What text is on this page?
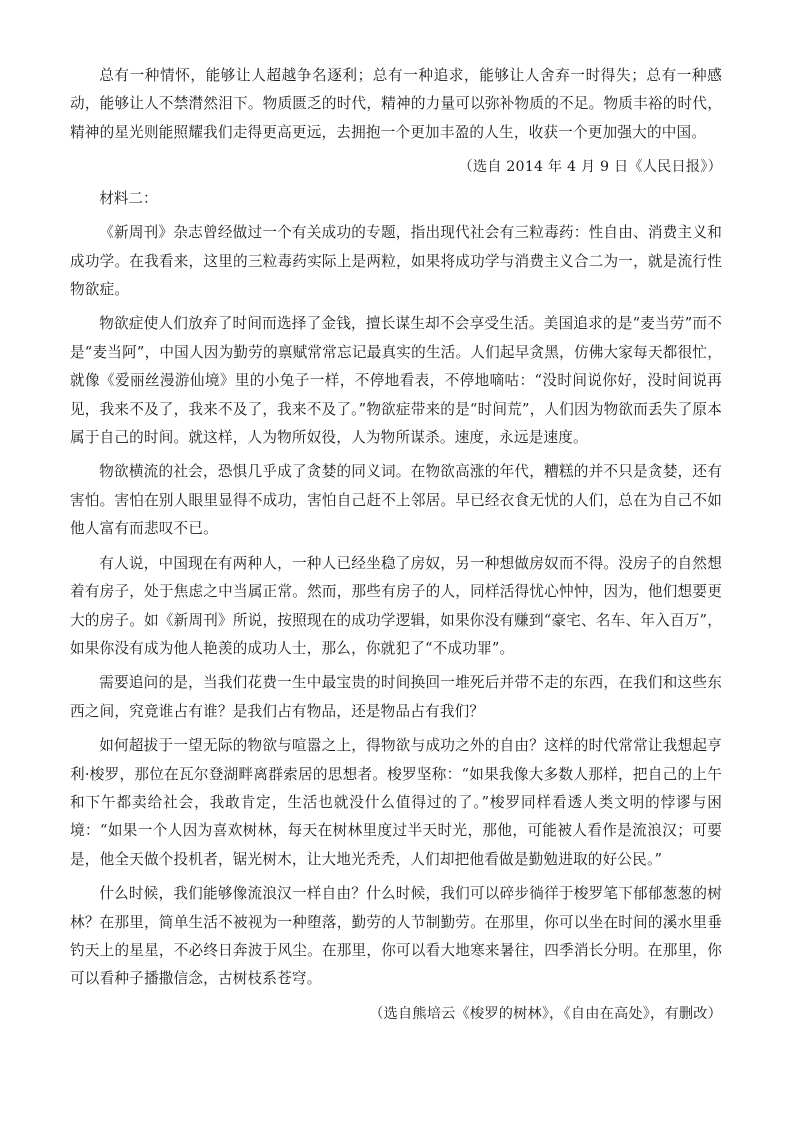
总有一种情怀，能够让人超越争名逐利；总有一种追求，能够让人舍弃一时得失；总有一种感动，能够让人不禁潸然泪下。物质匮乏的时代，精神的力量可以弥补物质的不足。物质丰裕的时代，精神的星光则能照耀我们走得更高更远，去拥抱一个更加丰盈的人生，收获一个更加强大的中国。

（选自 2014 年 4 月 9 日《人民日报》）

材料二：

《新周刊》杂志曾经做过一个有关成功的专题，指出现代社会有三粒毒药：性自由、消费主义和成功学。在我看来，这里的三粒毒药实际上是两粒，如果将成功学与消费主义合二为一，就是流行性物欲症。

物欲症使人们放弃了时间而选择了金钱，擅长谋生却不会享受生活。美国追求的是“麦当劳”而不是“麦当阿”，中国人因为勤劳的禀赋常常忘记最真实的生活。人们起早贪黑，仿佛大家每天都很忙，就像《爱丽丝漫游仙境》里的小兔子一样，不停地看表，不停地嘀咕：“没时间说你好，没时间说再见，我来不及了，我来不及了，我来不及了。”物欲症带来的是“时间荒”，人们因为物欲而丢失了原本属于自己的时间。就这样，人为物所奴役，人为物所谋杀。速度，永远是速度。

物欲横流的社会，恐惧几乎成了贪婪的同义词。在物欲高涨的年代，糟糕的并不只是贪婪，还有害怕。害怕在别人眼里显得不成功，害怕自己赶不上邻居。早已经衣食无忧的人们，总在为自己不如他人富有而悲叹不已。

有人说，中国现在有两种人，一种人已经坐稳了房奴，另一种想做房奴而不得。没房子的自然想着有房子，处于焦虑之中当属正常。然而，那些有房子的人，同样活得忧心忡忡，因为，他们想要更大的房子。如《新周刊》所说，按照现在的成功学逻辑，如果你没有赚到“豪宅、名车、年入百万”，如果你没有成为他人艳羡的成功人士，那么，你就犯了“不成功罪”。

需要追问的是，当我们花费一生中最宝贵的时间换回一堆死后并带不走的东西，在我们和这些东西之间，究竟谁占有谁？是我们占有物品，还是物品占有我们？

如何超拔于一望无际的物欲与喧嚣之上，得物欲与成功之外的自由？这样的时代常常让我想起亨利·梭罗，那位在瓦尔登湖畔离群索居的思想者。梭罗坚称：“如果我像大多数人那样，把自己的上午和下午都卖给社会，我敢肯定，生活也就没什么值得过的了。”梭罗同样看透人类文明的悖谬与困境：“如果一个人因为喜欢树林，每天在树林里度过半天时光，那他，可能被人看作是流浪汉；可要是，他全天做个投机者，锯光树木，让大地光秃秃，人们却把他看做是勤勉进取的好公民。”

什么时候，我们能够像流浪汉一样自由？什么时候，我们可以碎步徜徉于梭罗笔下郁郁葱葱的树林？在那里，简单生活不被视为一种堕落，勤劳的人节制勤劳。在那里，你可以坐在时间的溪水里垂钓天上的星星，不必终日奔波于风尘。在那里，你可以看大地寒来暑往，四季消长分明。在那里，你可以看种子播撒信念，古树枝系苍穹。

（选自熊培云《梭罗的树林》，《自由在高处》，有删改）
